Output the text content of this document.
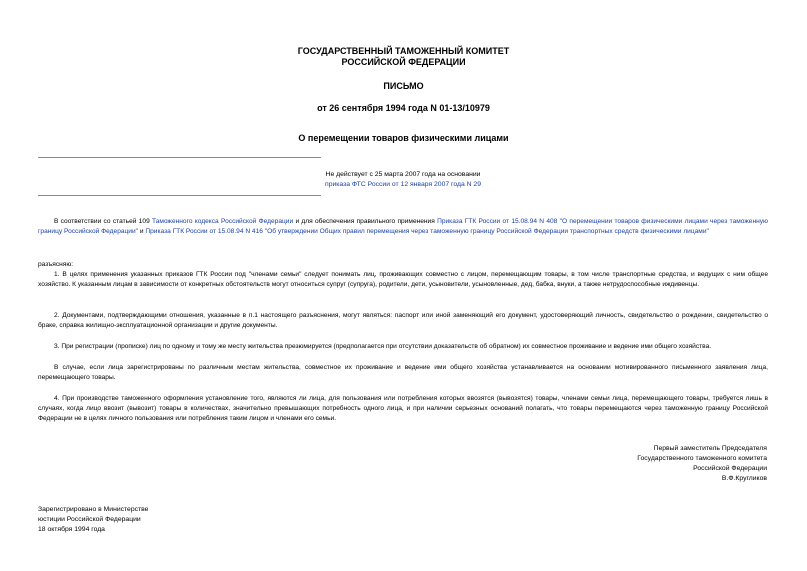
ГОСУДАРСТВЕННЫЙ ТАМОЖЕННЫЙ КОМИТЕТ
РОССИЙСКОЙ ФЕДЕРАЦИИ
ПИСЬМО
от 26 сентября 1994 года N 01-13/10979
О перемещении товаров физическими лицами
Не действует с 25 марта 2007 года на основании
приказа ФТС России от 12 января 2007 года N 29
В соответствии со статьей 109 Таможенного кодекса Российской Федерации и для обеспечения правильного применения Приказа ГТК России от 15.08.94 N 408 "О перемещении товаров физическими лицами через таможенную границу Российской Федерации" и Приказа ГТК России от 15.08.94 N 416 "Об утверждении Общих правил перемещения через таможенную границу Российской Федерации транспортных средств физическими лицами"
разъясняю:
1. В целях применения указанных приказов ГТК России под "членами семьи" следует понимать лиц, проживающих совместно с лицом, перемещающим товары, в том числе транспортные средства, и ведущих с ним общее хозяйство. К указанным лицам в зависимости от конкретных обстоятельств могут относиться супруг (супруга), родители, дети, усыновители, усыновленные, дед, бабка, внуки, а также нетрудоспособные иждивенцы.
2. Документами, подтверждающими отношения, указанные в п.1 настоящего разъяснения, могут являться: паспорт или иной заменяющий его документ, удостоверяющий личность, свидетельство о рождении, свидетельство о браке, справка жилищно-эксплуатационной организации и другие документы.
3. При регистрации (прописке) лиц по одному и тому же месту жительства презюмируется (предполагается при отсутствии доказательств об обратном) их совместное проживание и ведение ими общего хозяйства.
В случае, если лица зарегистрированы по различным местам жительства, совместное их проживание и ведение ими общего хозяйства устанавливается на основании мотивированного письменного заявления лица, перемещающего товары.
4. При производстве таможенного оформления установление того, являются ли лица, для пользования или потребления которых ввозятся (вывозятся) товары, членами семьи лица, перемещающего товары, требуется лишь в случаях, когда лицо ввозит (вывозит) товары в количествах, значительно превышающих потребность одного лица, и при наличии серьезных оснований полагать, что товары перемещаются через таможенную границу Российской Федерации не в целях личного пользования или потребления таким лицом и членами его семьи.
Первый заместитель Председателя
Государственного таможенного комитета
Российской Федерации
В.Ф.Кругликов
Зарегистрировано в Министерстве
юстиции Российской Федерации
18 октября 1994 года
